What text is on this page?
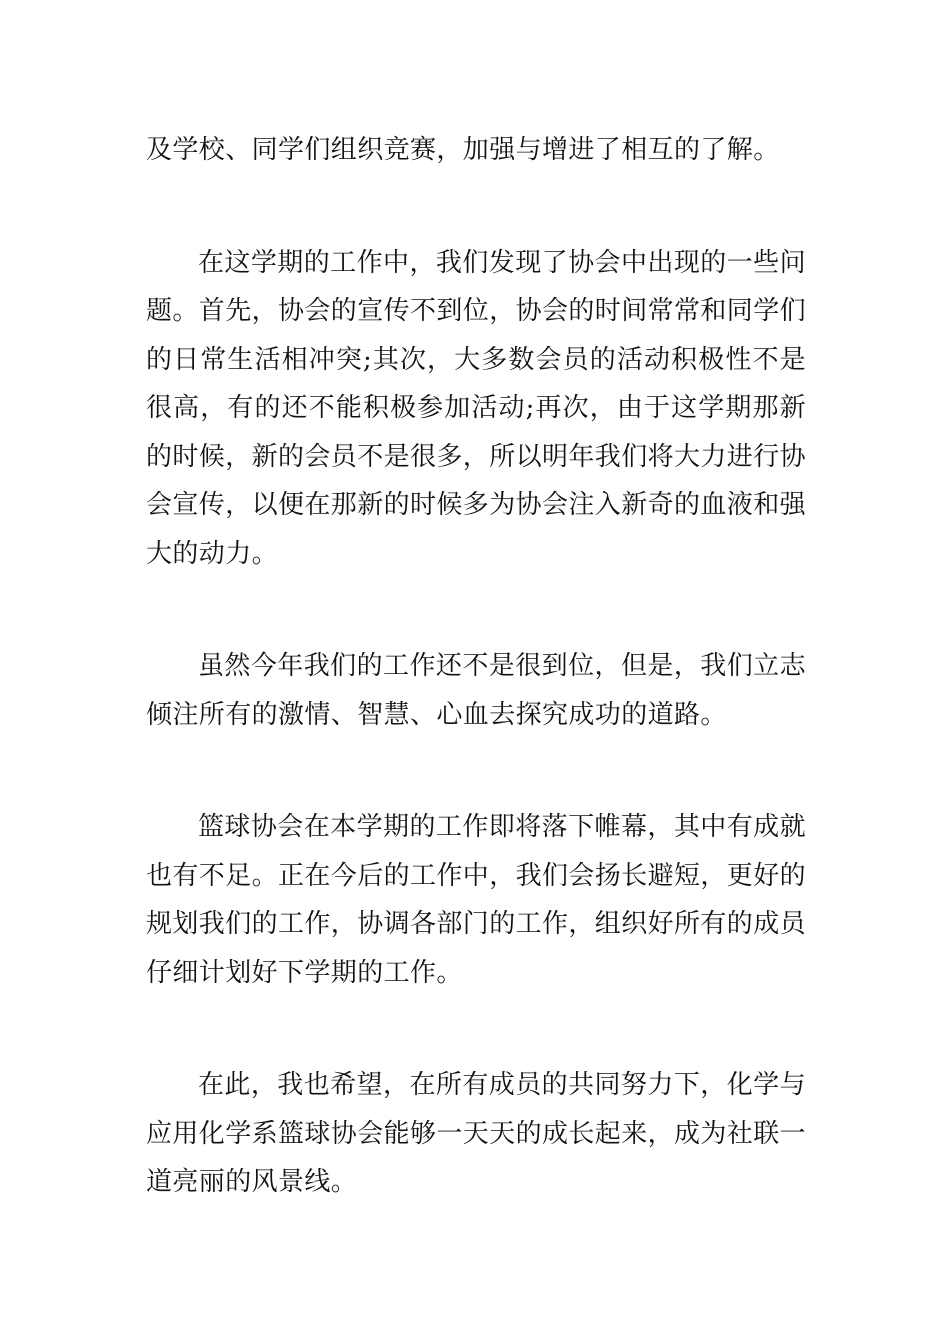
及学校、同学们组织竞赛，加强与增进了相互的了解。

在这学期的工作中，我们发现了协会中出现的一些问题。首先，协会的宣传不到位，协会的时间常常和同学们的日常生活相冲突;其次，大多数会员的活动积极性不是很高，有的还不能积极参加活动;再次，由于这学期那新的时候，新的会员不是很多，所以明年我们将大力进行协会宣传，以便在那新的时候多为协会注入新奇的血液和强大的动力。

虽然今年我们的工作还不是很到位，但是，我们立志倾注所有的激情、智慧、心血去探究成功的道路。

篮球协会在本学期的工作即将落下帷幕，其中有成就也有不足。正在今后的工作中，我们会扬长避短，更好的规划我们的工作，协调各部门的工作，组织好所有的成员仔细计划好下学期的工作。

在此，我也希望，在所有成员的共同努力下，化学与应用化学系篮球协会能够一天天的成长起来，成为社联一道亮丽的风景线。
